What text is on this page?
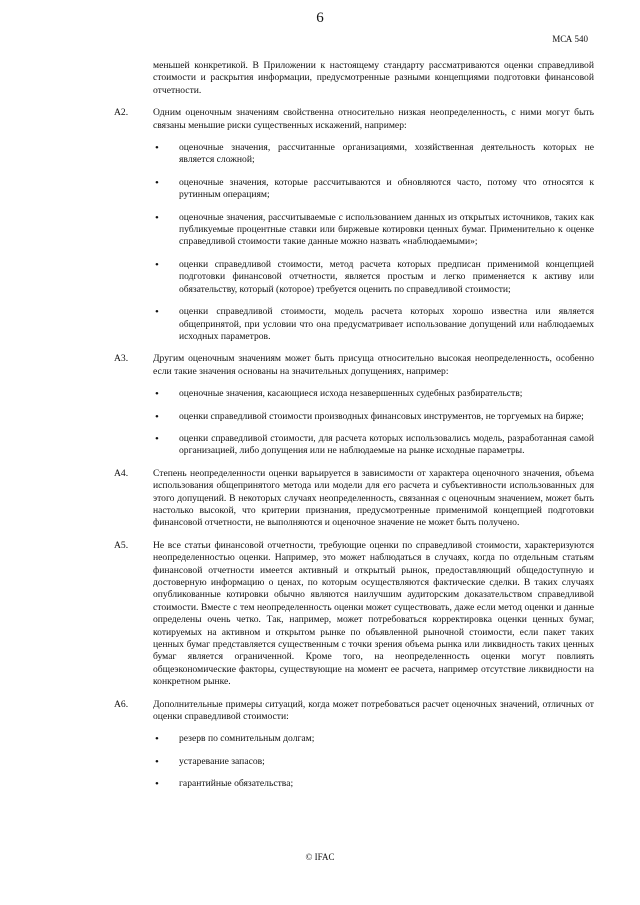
6
МСА 540

меньшей конкретикой. В Приложении к настоящему стандарту рассматриваются оценки справедливой стоимости и раскрытия информации, предусмотренные разными концепциями подготовки финансовой отчетности.

A2.	Одним оценочным значениям свойственна относительно низкая неопределенность, с ними могут быть связаны меньшие риски существенных искажений, например:

• оценочные значения, рассчитанные организациями, хозяйственная деятельность которых не является сложной;
• оценочные значения, которые рассчитываются и обновляются часто, потому что относятся к рутинным операциям;
• оценочные значения, рассчитываемые с использованием данных из открытых источников, таких как публикуемые процентные ставки или биржевые котировки ценных бумаг. Применительно к оценке справедливой стоимости такие данные можно назвать «наблюдаемыми»;
• оценки справедливой стоимости, метод расчета которых предписан применимой концепцией подготовки финансовой отчетности, является простым и легко применяется к активу или обязательству, который (которое) требуется оценить по справедливой стоимости;
• оценки справедливой стоимости, модель расчета которых хорошо известна или является общепринятой, при условии что она предусматривает использование допущений или наблюдаемых исходных параметров.
A3.	Другим оценочным значениям может быть присуща относительно высокая неопределенность, особенно если такие значения основаны на значительных допущениях, например:

• оценочные значения, касающиеся исхода незавершенных судебных разбирательств;
• оценки справедливой стоимости производных финансовых инструментов, не торгуемых на бирже;
• оценки справедливой стоимости, для расчета которых использовались модель, разработанная самой организацией, либо допущения или не наблюдаемые на рынке исходные параметры.
A4.	Степень неопределенности оценки варьируется в зависимости от характера оценочного значения, объема использования общепринятого метода или модели для его расчета и субъективности использованных для этого допущений. В некоторых случаях неопределенность, связанная с оценочным значением, может быть настолько высокой, что критерии признания, предусмотренные применимой концепцией подготовки финансовой отчетности, не выполняются и оценочное значение не может быть получено.

A5.	Не все статьи финансовой отчетности, требующие оценки по справедливой стоимости, характеризуются неопределенностью оценки. Например, это может наблюдаться в случаях, когда по отдельным статьям финансовой отчетности имеется активный и открытый рынок, предоставляющий общедоступную и достоверную информацию о ценах, по которым осуществляются фактические сделки. В таких случаях опубликованные котировки обычно являются наилучшим аудиторским доказательством справедливой стоимости. Вместе с тем неопределенность оценки может существовать, даже если метод оценки и данные определены очень четко. Так, например, может потребоваться корректировка оценки ценных бумаг, котируемых на активном и открытом рынке по объявленной рыночной стоимости, если пакет таких ценных бумаг представляется существенным с точки зрения объема рынка или ликвидность таких ценных бумаг является ограниченной. Кроме того, на неопределенность оценки могут повлиять общеэкономические факторы, существующие на момент ее расчета, например отсутствие ликвидности на конкретном рынке.

A6.	Дополнительные примеры ситуаций, когда может потребоваться расчет оценочных значений, отличных от оценки справедливой стоимости:

• резерв по сомнительным долгам;
• устаревание запасов;
• гарантийные обязательства;
© IFAC
